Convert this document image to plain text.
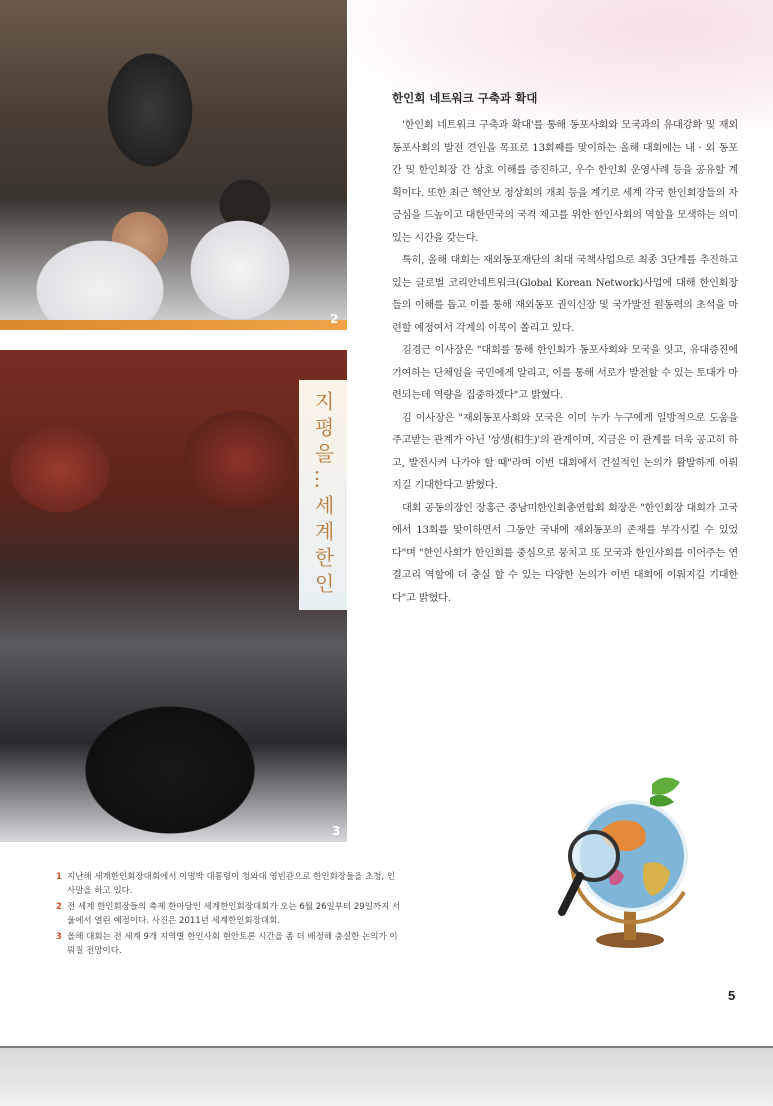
2
지평을…세계한인
3
1 지난해 세계한인회장대회에서 이명박 대통령이 청와대 영빈관으로 한인회장들을 초청, 인사말을 하고 있다.
2 전 세계 한인회장들의 축제 한마당인 세계한인회장대회가 오는 6월 26일부터 29일까지 서울에서 열린 예정이다. 사진은 2011년 세계한인회장대회.
3 올해 대회는 전 세계 9개 지역별 한인사회 현안토론 시간을 좀 더 배정해 충실한 논의가 이뤄질 전망이다.
한인회 네트워크 구축과 확대

'한인회 네트워크 구축과 확대'를 통해 동포사회와 모국과의 유대강화 및 재외동포사회의 발전 견인을 목표로 13회째를 맞이하는 올해 대회에는 내 · 외 동포간 및 한인회장 간 상호 이해를 증진하고, 우수 한인회 운영사례 등을 공유할 계획이다. 또한 최근 핵안보 정상회의 개최 등을 계기로 세계 각국 한인회장들의 자긍심을 드높이고 대한민국의 국격 제고를 위한 한인사회의 역할을 모색하는 의미 있는 시간을 갖는다.

특히, 올해 대회는 재외동포재단의 최대 국책사업으로 최종 3단계를 추진하고 있는 글로벌 코리안네트워크(Global Korean Network)사업에 대해 한인회장들의 이해를 돕고 이를 통해 재외동포 권익신장 및 국가발전 원동력의 초석을 마련할 예정여서 각계의 이목이 쏠리고 있다.

김경근 이사장은 "대회를 통해 한인회가 동포사회와 모국을 잇고, 유대증진에 기여하는 단체임을 국민에게 알리고, 이를 통해 서로가 발전할 수 있는 토대가 마련되는데 역량을 집중하겠다"고 밝혔다.

김 이사장은 "재외동포사회와 모국은 이미 누가 누구에게 일방적으로 도움을 주고받는 관계가 아닌 '상생(相生)'의 관계이며, 지금은 이 관계를 더욱 공고히 하고, 발전시켜 나가야 할 때"라며 이번 대회에서 건설적인 논의가 활발하게 이뤄지길 기대한다고 밝혔다.

대회 공동의장인 장홍근 중남미한인회총연합회 회장은 "한인회장 대회가 고국에서 13회를 맞이하면서 그동안 국내에 재외동포의 존재를 부각시킬 수 있었다"며 "한인사회가 한인회를 중심으로 뭉치고 또 모국과 한인사회를 이어주는 연결고리 역할에 더 충실 할 수 있는 다양한 논의가 이번 대회에 이뤄지길 기대한다"고 밝혔다.

5
